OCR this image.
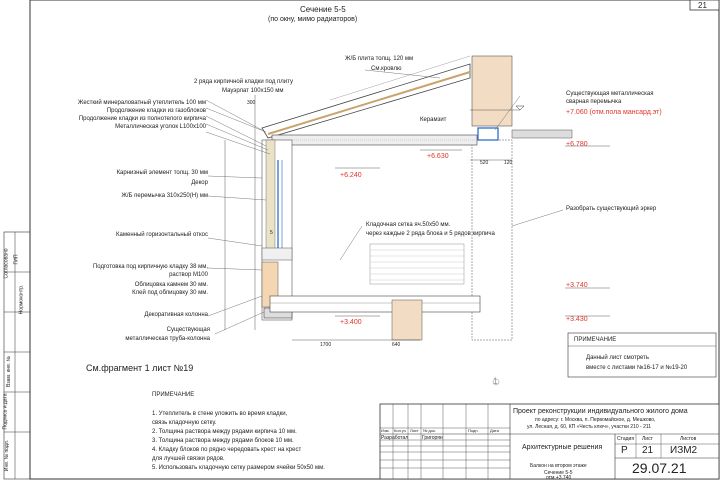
21
Сечение 5-5
(по окну, мимо радиаторов)
2 ряда кирпичной кладки под плиту
Мауэрлат 100х150 мм
Жесткий минераловатный утеплитель 100 мм
Продолжение кладки из газоблоков
Продолжение кладки из полнотелого кирпича
Металлическая уголок L100х100
Карнизный элемент толщ. 30 мм
Декор
Ж/Б перемычка 310х250(Н) мм
Каменный горизонтальный откос
Подготовка под кирпичную кладку 38 мм,
раствор М100
Облицовка камнем 30 мм.
Клей под облицовку 30 мм.
Декоративная колонна
Существующая
металлическая труба-колонна
Ж/Б плита толщ. 120 мм
См.кровлю
Керамзит
Существующая металлическая
сварная перемычка
Разобрать существующий эркер
Кладочная сетка яч.50х50 мм.
через каждые 2 ряда блока и 5 рядов кирпича
+7.060 (отм.пола мансард.эт)
+6.780
+6.630
+6.240
+3.740
+3.430
+3.400
300
1700	640
520	120
5
См.фрагмент 1 лист №19
ПРИМЕЧАНИЕ
Данный лист смотреть
вместе с листами №16-17 и №19-20
ПРИМЕЧАНИЕ
1. Утеплитель в стене уложить во время кладки,
связь кладочную сетку.
2. Толщина раствора между рядами кирпича 10 мм.
3. Толщина раствора между рядами блоков 10 мм.
4. Кладку блоков по рядно чередовать крест на крест
для лучшей связки рядов.
5. Использовать кладочную сетку размером ячейки 50х50 мм.
1
Проект реконструкции индивидуального жилого дома
по адресу: г. Москва, п. Первомайское, д. Мешково,
ул. Лесная, д. 60, КП «Честь ключ», участки 210 - 211
Архитектурные решения
Стадия Лист	Листов
Р 21 ИЗМ2
Балкон на втором этаже
Сечение 5-5
отм.+3.740
29.07.21
Изм. Кол.уч Лист № док.	Подп.	Дата
Разработал	Григорян
Согласовано ГИП
Нормоконтр.
Взам. инв. №
Подпись и дата
Инв. № подл.
